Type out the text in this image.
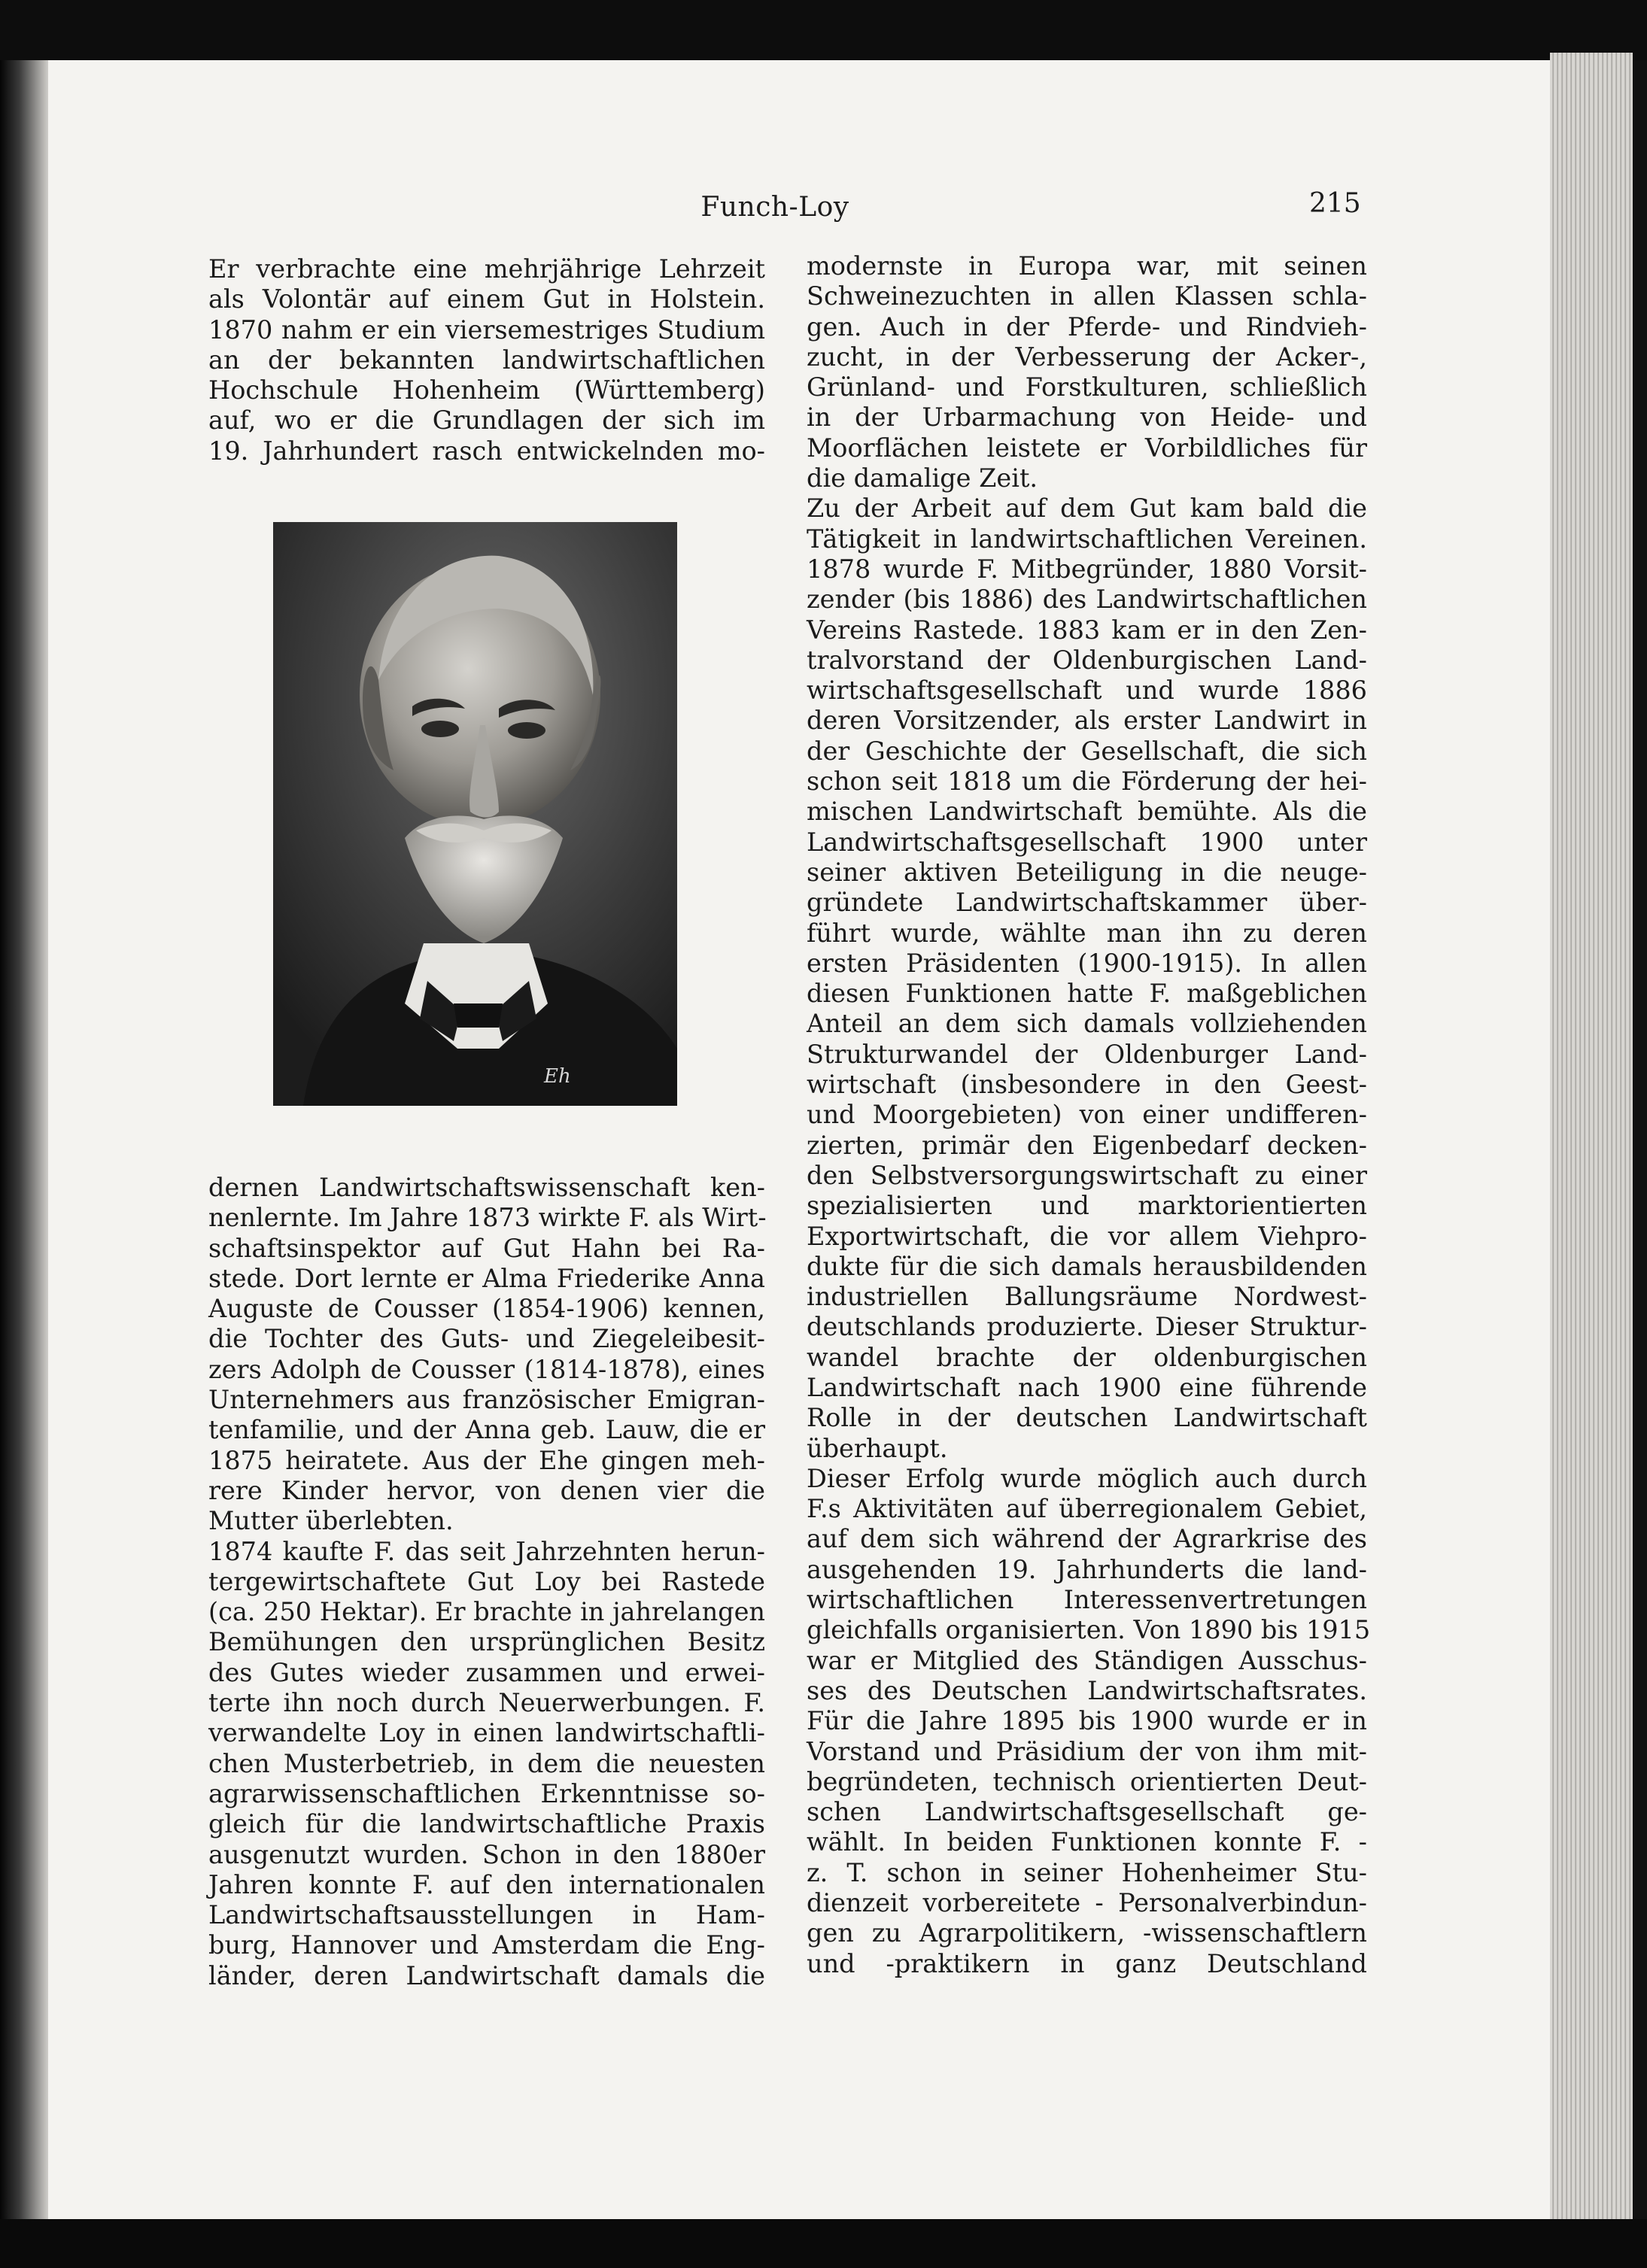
Funch-Loy	215
Er verbrachte eine mehrjährige Lehrzeit
als Volontär auf einem Gut in Holstein.
1870 nahm er ein viersemestriges Studium
an der bekannten landwirtschaftlichen
Hochschule Hohenheim (Württemberg)
auf, wo er die Grundlagen der sich im
19. Jahrhundert rasch entwickelnden mo-
Eh
dernen Landwirtschaftswissenschaft ken-
nenlernte. Im Jahre 1873 wirkte F. als Wirt-
schaftsinspektor auf Gut Hahn bei Ra-
stede. Dort lernte er Alma Friederike Anna
Auguste de Cousser (1854-1906) kennen,
die Tochter des Guts- und Ziegeleibesit-
zers Adolph de Cousser (1814-1878), eines
Unternehmers aus französischer Emigran-
tenfamilie, und der Anna geb. Lauw, die er
1875 heiratete. Aus der Ehe gingen meh-
rere Kinder hervor, von denen vier die
Mutter überlebten.
1874 kaufte F. das seit Jahrzehnten herun-
tergewirtschaftete Gut Loy bei Rastede
(ca. 250 Hektar). Er brachte in jahrelangen
Bemühungen den ursprünglichen Besitz
des Gutes wieder zusammen und erwei-
terte ihn noch durch Neuerwerbungen. F.
verwandelte Loy in einen landwirtschaftli-
chen Musterbetrieb, in dem die neuesten
agrarwissenschaftlichen Erkenntnisse so-
gleich für die landwirtschaftliche Praxis
ausgenutzt wurden. Schon in den 1880er
Jahren konnte F. auf den internationalen
Landwirtschaftsausstellungen in Ham-
burg, Hannover und Amsterdam die Eng-
länder, deren Landwirtschaft damals die
modernste in Europa war, mit seinen
Schweinezuchten in allen Klassen schla-
gen. Auch in der Pferde- und Rindvieh-
zucht, in der Verbesserung der Acker-,
Grünland- und Forstkulturen, schließlich
in der Urbarmachung von Heide- und
Moorflächen leistete er Vorbildliches für
die damalige Zeit.
Zu der Arbeit auf dem Gut kam bald die
Tätigkeit in landwirtschaftlichen Vereinen.
1878 wurde F. Mitbegründer, 1880 Vorsit-
zender (bis 1886) des Landwirtschaftlichen
Vereins Rastede. 1883 kam er in den Zen-
tralvorstand der Oldenburgischen Land-
wirtschaftsgesellschaft und wurde 1886
deren Vorsitzender, als erster Landwirt in
der Geschichte der Gesellschaft, die sich
schon seit 1818 um die Förderung der hei-
mischen Landwirtschaft bemühte. Als die
Landwirtschaftsgesellschaft 1900 unter
seiner aktiven Beteiligung in die neuge-
gründete Landwirtschaftskammer über-
führt wurde, wählte man ihn zu deren
ersten Präsidenten (1900-1915). In allen
diesen Funktionen hatte F. maßgeblichen
Anteil an dem sich damals vollziehenden
Strukturwandel der Oldenburger Land-
wirtschaft (insbesondere in den Geest-
und Moorgebieten) von einer undifferen-
zierten, primär den Eigenbedarf decken-
den Selbstversorgungswirtschaft zu einer
spezialisierten und marktorientierten
Exportwirtschaft, die vor allem Viehpro-
dukte für die sich damals herausbildenden
industriellen Ballungsräume Nordwest-
deutschlands produzierte. Dieser Struktur-
wandel brachte der oldenburgischen
Landwirtschaft nach 1900 eine führende
Rolle in der deutschen Landwirtschaft
überhaupt.
Dieser Erfolg wurde möglich auch durch
F.s Aktivitäten auf überregionalem Gebiet,
auf dem sich während der Agrarkrise des
ausgehenden 19. Jahrhunderts die land-
wirtschaftlichen Interessenvertretungen
gleichfalls organisierten. Von 1890 bis 1915
war er Mitglied des Ständigen Ausschus-
ses des Deutschen Landwirtschaftsrates.
Für die Jahre 1895 bis 1900 wurde er in
Vorstand und Präsidium der von ihm mit-
begründeten, technisch orientierten Deut-
schen Landwirtschaftsgesellschaft ge-
wählt. In beiden Funktionen konnte F. -
z. T. schon in seiner Hohenheimer Stu-
dienzeit vorbereitete - Personalverbindun-
gen zu Agrarpolitikern, -wissenschaftlern
und -praktikern in ganz Deutschland
